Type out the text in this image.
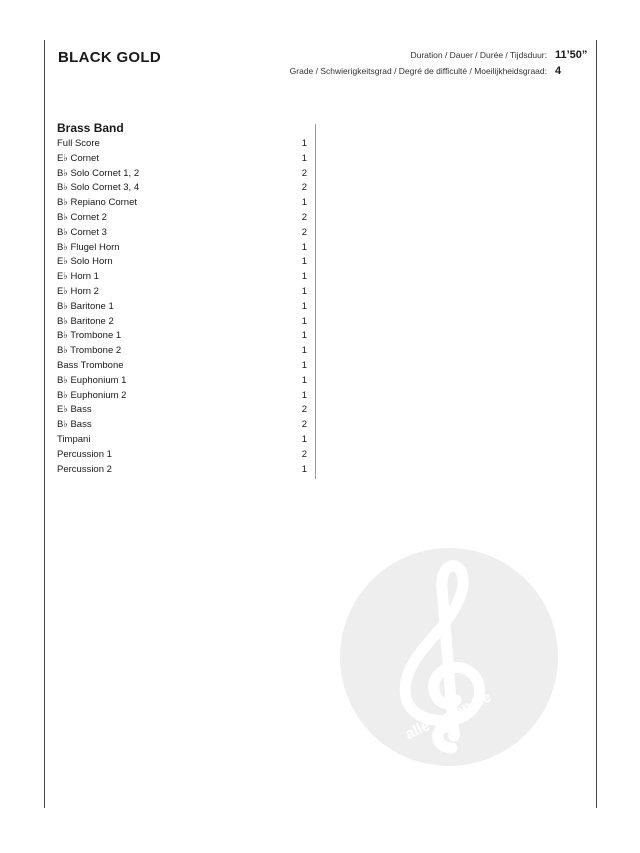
BLACK GOLD	Duration / Dauer / Durée / Tijdsduur: 11’50”
Grade / Schwierigkeitsgrad / Degré de difficulté / Moeilijkheidsgraad: 4
Brass Band
Full Score	1
E♭ Cornet	1
B♭ Solo Cornet 1, 2	2
B♭ Solo Cornet 3, 4	2
B♭ Repiano Cornet	1
B♭ Cornet 2	2
B♭ Cornet 3	2
B♭ Flugel Horn	1
E♭ Solo Horn	1
E♭ Horn 1	1
E♭ Horn 2	1
B♭ Baritone 1	1
B♭ Baritone 2	1
B♭ Trombone 1	1
B♭ Trombone 2	1
Bass Trombone	1
B♭ Euphonium 1	1
B♭ Euphonium 2	1
E♭ Bass	2
B♭ Bass	2
Timpani	1
Percussion 1	2
Percussion 2	1
alle-noten.de
